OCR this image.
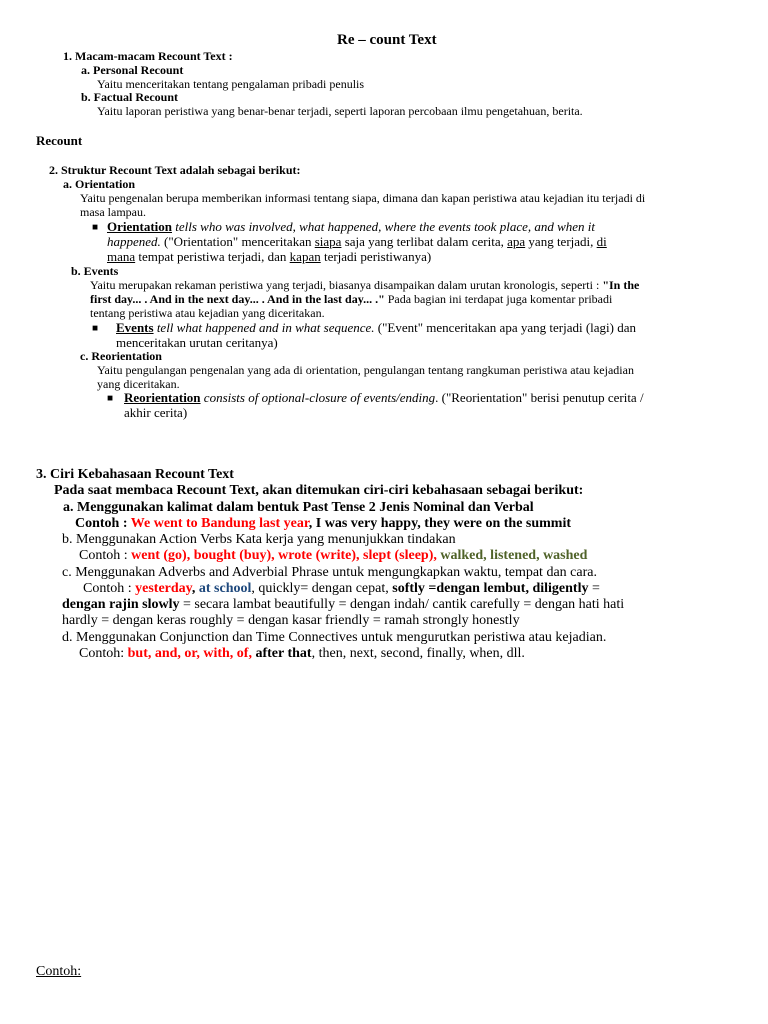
Re – count Text
1. Macam-macam Recount Text :
a. Personal Recount
Yaitu menceritakan tentang pengalaman pribadi penulis
b. Factual Recount
Yaitu laporan peristiwa yang benar-benar terjadi, seperti laporan percobaan ilmu pengetahuan, berita.
Recount
2. Struktur Recount Text adalah sebagai berikut:
a. Orientation
Yaitu pengenalan berupa memberikan informasi tentang siapa, dimana dan kapan peristiwa atau kejadian itu terjadi di
masa lampau.
■ Orientation tells who was involved, what happened, where the events took place, and when it
happened. ("Orientation" menceritakan siapa saja yang terlibat dalam cerita, apa yang terjadi, di
mana tempat peristiwa terjadi, dan kapan terjadi peristiwanya)
b. Events
Yaitu merupakan rekaman peristiwa yang terjadi, biasanya disampaikan dalam urutan kronologis, seperti : "In the
first day... . And in the next day... . And in the last day... ." Pada bagian ini terdapat juga komentar pribadi
tentang peristiwa atau kejadian yang diceritakan.
■ Events tell what happened and in what sequence. ("Event" menceritakan apa yang terjadi (lagi) dan
menceritakan urutan ceritanya)
c. Reorientation
Yaitu pengulangan pengenalan yang ada di orientation, pengulangan tentang rangkuman peristiwa atau kejadian
yang diceritakan.
■ Reorientation consists of optional-closure of events/ending. ("Reorientation" berisi penutup cerita /
akhir cerita)
3. Ciri Kebahasaan Recount Text
Pada saat membaca Recount Text, akan ditemukan ciri-ciri kebahasaan sebagai berikut:
a. Menggunakan kalimat dalam bentuk Past Tense 2 Jenis Nominal dan Verbal
Contoh : We went to Bandung last year, I was very happy, they were on the summit
b. Menggunakan Action Verbs Kata kerja yang menunjukkan tindakan
Contoh : went (go), bought (buy), wrote (write), slept (sleep), walked, listened, washed
c. Menggunakan Adverbs and Adverbial Phrase untuk mengungkapkan waktu, tempat dan cara.
Contoh : yesterday, at school, quickly= dengan cepat, softly =dengan lembut, diligently =
dengan rajin slowly = secara lambat beautifully = dengan indah/ cantik carefully = dengan hati hati
hardly = dengan keras roughly = dengan kasar friendly = ramah strongly honestly
d. Menggunakan Conjunction dan Time Connectives untuk mengurutkan peristiwa atau kejadian.
Contoh: but, and, or, with, of, after that, then, next, second, finally, when, dll.
Contoh:
